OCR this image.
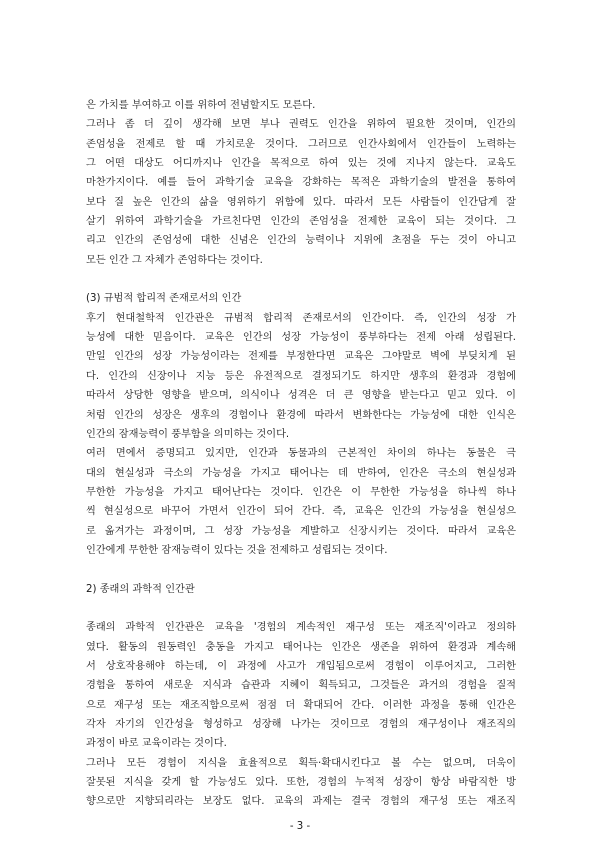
은 가치를 부여하고 이를 위하여 전념할지도 모른다.
그러나 좀 더 깊이 생각해 보면 부나 권력도 인간을 위하여 필요한 것이며, 인간의
존엄성을 전제로 할 때 가치로운 것이다. 그러므로 인간사회에서 인간들이 노력하는
그 어떤 대상도 어디까지나 인간을 목적으로 하여 있는 것에 지나지 않는다. 교육도
마찬가지이다. 예를 들어 과학기술 교육을 강화하는 목적은 과학기술의 발전을 통하여
보다 질 높은 인간의 삶을 영위하기 위함에 있다. 따라서 모든 사람들이 인간답게 잘
살기 위하여 과학기술을 가르친다면 인간의 존엄성을 전제한 교육이 되는 것이다. 그
리고 인간의 존엄성에 대한 신념은 인간의 능력이나 지위에 초점을 두는 것이 아니고
모든 인간 그 자체가 존엄하다는 것이다.
(3) 규범적 합리적 존재로서의 인간
후기 현대철학적 인간관은 규범적 합리적 존재로서의 인간이다. 즉, 인간의 성장 가
능성에 대한 믿음이다. 교육은 인간의 성장 가능성이 풍부하다는 전제 아래 성립된다.
만일 인간의 성장 가능성이라는 전제를 부정한다면 교육은 그야말로 벽에 부딪치게 된
다. 인간의 신장이나 지능 등은 유전적으로 결정되기도 하지만 생후의 환경과 경험에
따라서 상당한 영향을 받으며, 의식이나 성격은 더 큰 영향을 받는다고 믿고 있다. 이
처럼 인간의 성장은 생후의 경험이나 환경에 따라서 변화한다는 가능성에 대한 인식은
인간의 잠재능력이 풍부함을 의미하는 것이다.
여러 면에서 증명되고 있지만, 인간과 동물과의 근본적인 차이의 하나는 동물은 극
대의 현실성과 극소의 가능성을 가지고 태어나는 데 반하여, 인간은 극소의 현실성과
무한한 가능성을 가지고 태어난다는 것이다. 인간은 이 무한한 가능성을 하나씩 하나
씩 현실성으로 바꾸어 가면서 인간이 되어 간다. 즉, 교육은 인간의 가능성을 현실성으
로 옮겨가는 과정이며, 그 성장 가능성을 계발하고 신장시키는 것이다. 따라서 교육은
인간에게 무한한 잠재능력이 있다는 것을 전제하고 성립되는 것이다.
2) 종래의 과학적 인간관
종래의 과학적 인간관은 교육을 '경험의 계속적인 재구성 또는 재조직'이라고 정의하
였다. 활동의 원동력인 충동을 가지고 태어나는 인간은 생존을 위하여 환경과 계속해
서 상호작용해야 하는데, 이 과정에 사고가 개입됨으로써 경험이 이루어지고, 그러한
경험을 통하여 새로운 지식과 습관과 지혜이 획득되고, 그것들은 과거의 경험을 질적
으로 재구성 또는 재조직함으로써 점점 더 확대되어 간다. 이러한 과정을 통해 인간은
각자 자기의 인간성을 형성하고 성장해 나가는 것이므로 경험의 재구성이나 재조직의
과정이 바로 교육이라는 것이다.
그러나 모든 경험이 지식을 효율적으로 획득·확대시킨다고 볼 수는 없으며, 더욱이
잘못된 지식을 갖게 할 가능성도 있다. 또한, 경험의 누적적 성장이 항상 바람직한 방
향으로만 지향되리라는 보장도 없다. 교육의 과제는 결국 경험의 재구성 또는 재조직
- 3 -
